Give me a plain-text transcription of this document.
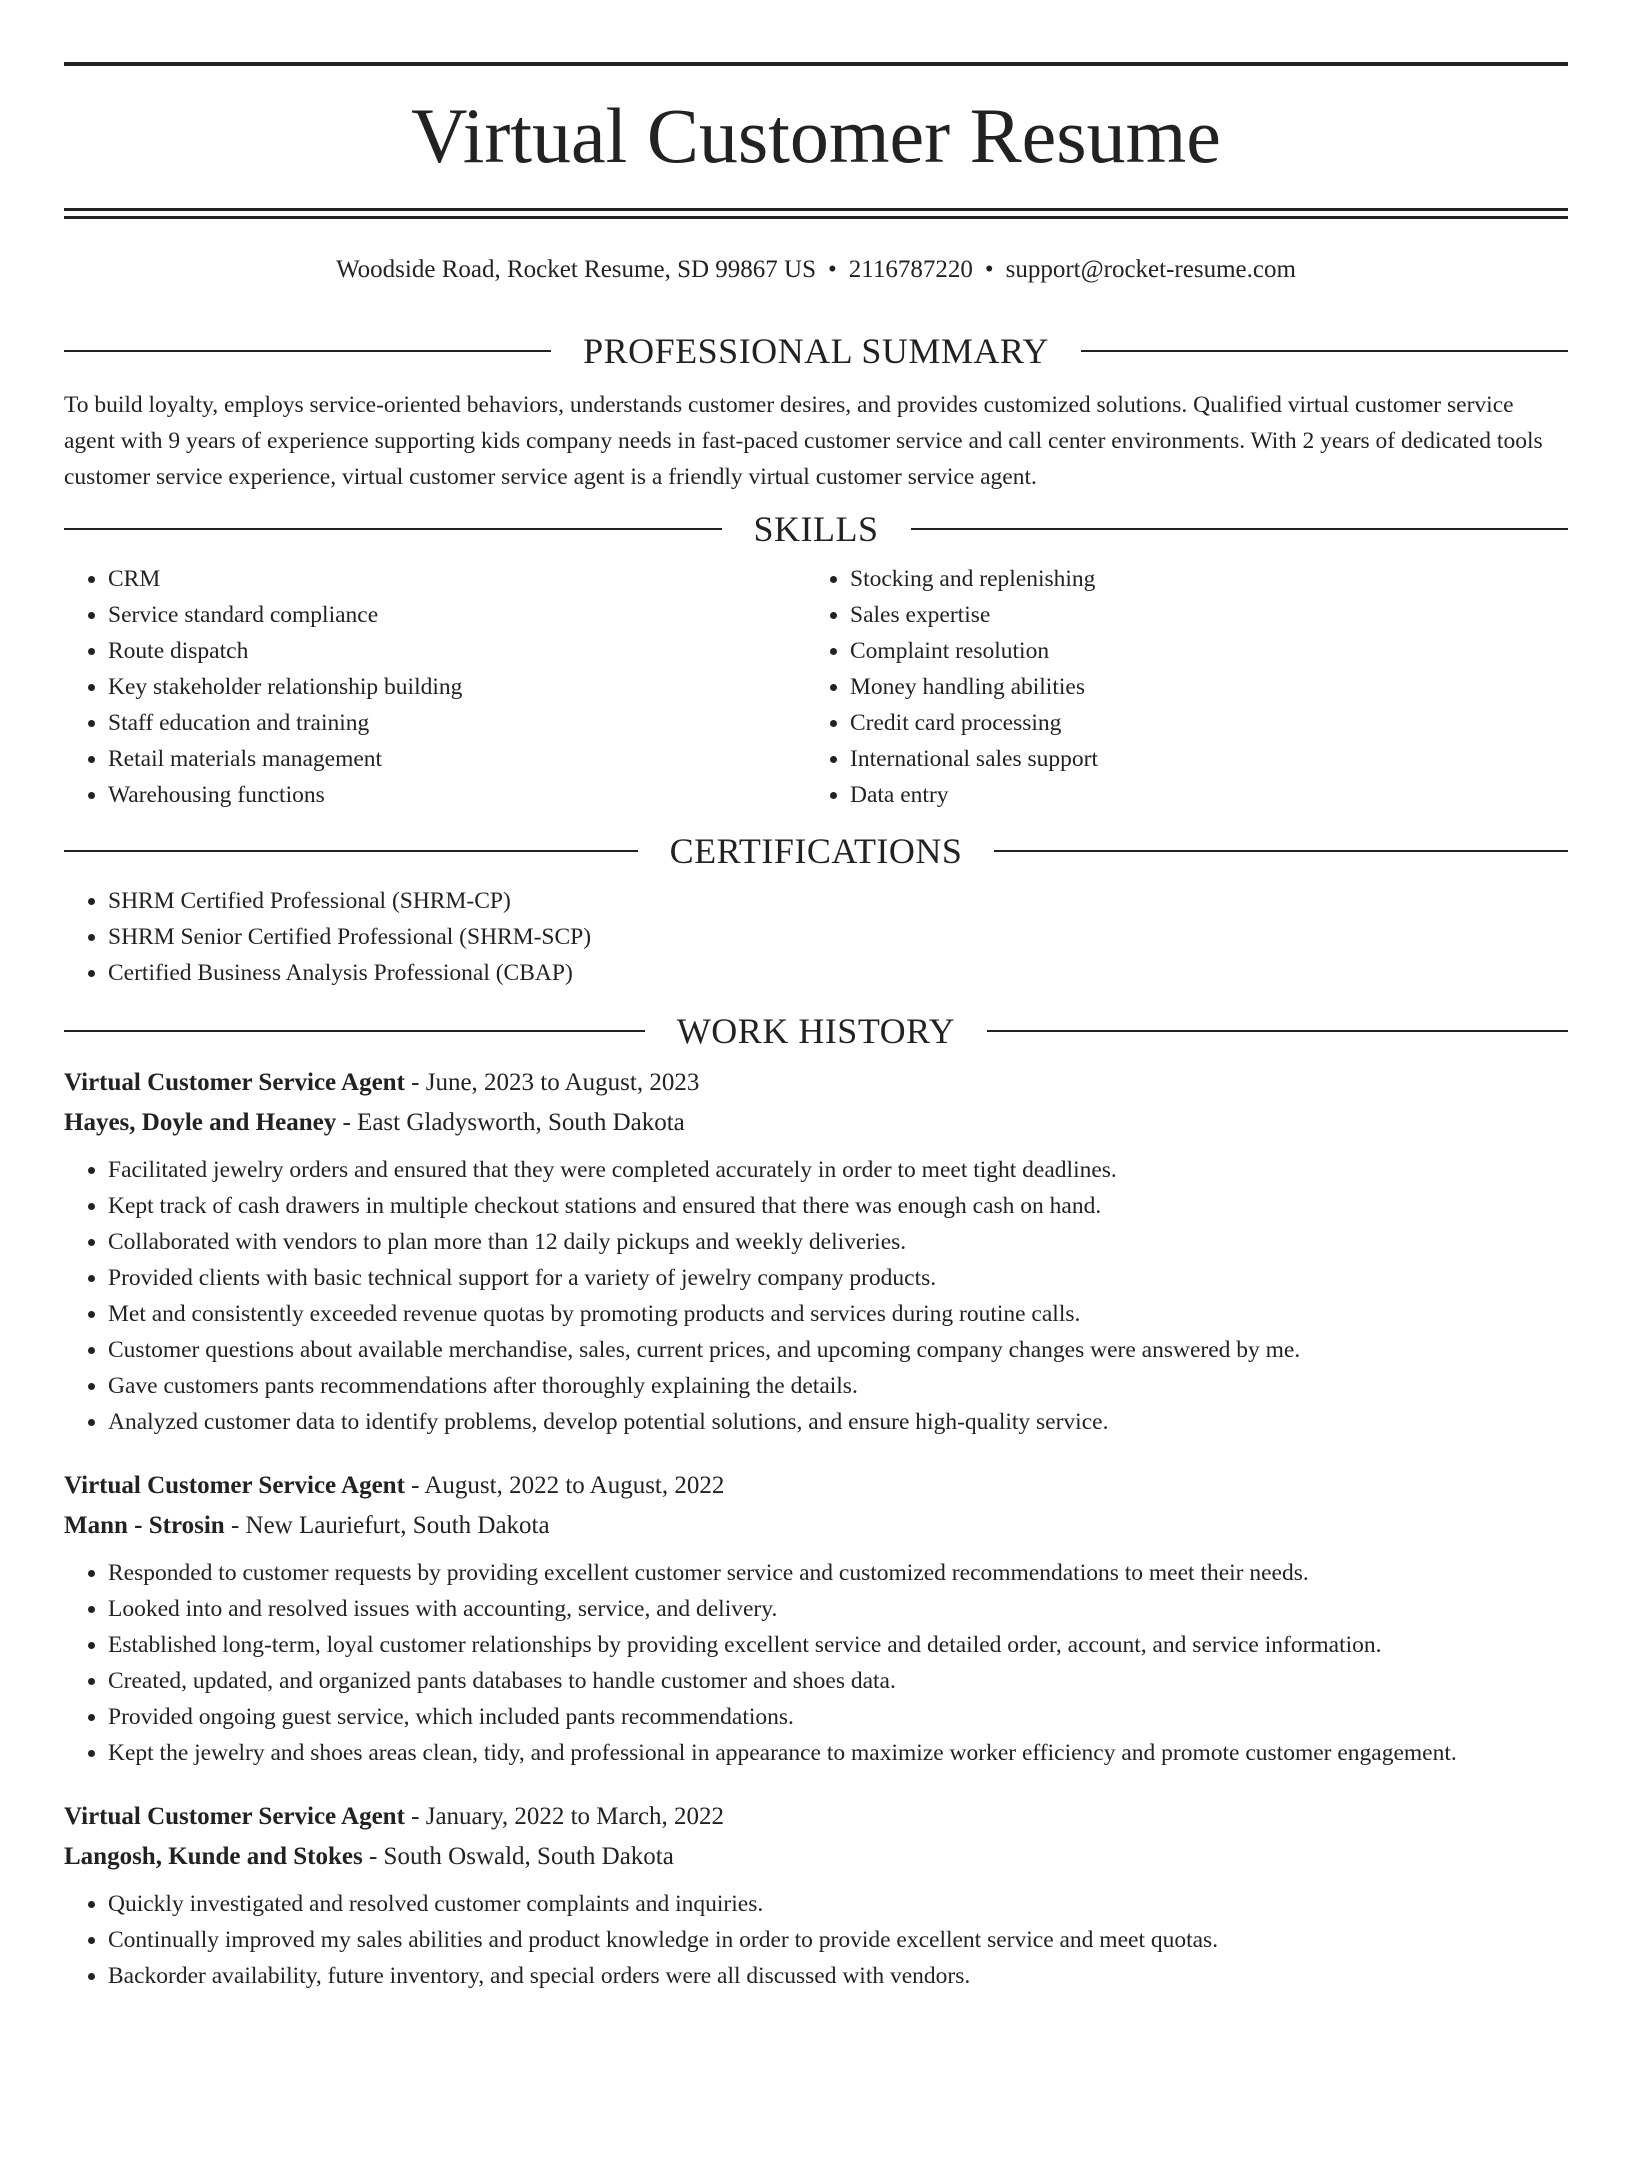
Virtual Customer Resume
Woodside Road, Rocket Resume, SD 99867 US • 2116787220 • support@rocket-resume.com
PROFESSIONAL SUMMARY

To build loyalty, employs service-oriented behaviors, understands customer desires, and provides customized solutions. Qualified virtual customer service agent with 9 years of experience supporting kids company needs in fast-paced customer service and call center environments. With 2 years of dedicated tools customer service experience, virtual customer service agent is a friendly virtual customer service agent.

SKILLS
• CRM
• Service standard compliance
• Route dispatch
• Key stakeholder relationship building
• Staff education and training
• Retail materials management
• Warehousing functions
• Stocking and replenishing
• Sales expertise
• Complaint resolution
• Money handling abilities
• Credit card processing
• International sales support
• Data entry
CERTIFICATIONS
• SHRM Certified Professional (SHRM-CP)
• SHRM Senior Certified Professional (SHRM-SCP)
• Certified Business Analysis Professional (CBAP)
WORK HISTORY
Virtual Customer Service Agent - June, 2023 to August, 2023
Hayes, Doyle and Heaney - East Gladysworth, South Dakota
• Facilitated jewelry orders and ensured that they were completed accurately in order to meet tight deadlines.
• Kept track of cash drawers in multiple checkout stations and ensured that there was enough cash on hand.
• Collaborated with vendors to plan more than 12 daily pickups and weekly deliveries.
• Provided clients with basic technical support for a variety of jewelry company products.
• Met and consistently exceeded revenue quotas by promoting products and services during routine calls.
• Customer questions about available merchandise, sales, current prices, and upcoming company changes were answered by me.
• Gave customers pants recommendations after thoroughly explaining the details.
• Analyzed customer data to identify problems, develop potential solutions, and ensure high-quality service.
Virtual Customer Service Agent - August, 2022 to August, 2022
Mann - Strosin - New Lauriefurt, South Dakota
• Responded to customer requests by providing excellent customer service and customized recommendations to meet their needs.
• Looked into and resolved issues with accounting, service, and delivery.
• Established long-term, loyal customer relationships by providing excellent service and detailed order, account, and service information.
• Created, updated, and organized pants databases to handle customer and shoes data.
• Provided ongoing guest service, which included pants recommendations.
• Kept the jewelry and shoes areas clean, tidy, and professional in appearance to maximize worker efficiency and promote customer engagement.
Virtual Customer Service Agent - January, 2022 to March, 2022
Langosh, Kunde and Stokes - South Oswald, South Dakota
• Quickly investigated and resolved customer complaints and inquiries.
• Continually improved my sales abilities and product knowledge in order to provide excellent service and meet quotas.
• Backorder availability, future inventory, and special orders were all discussed with vendors.
